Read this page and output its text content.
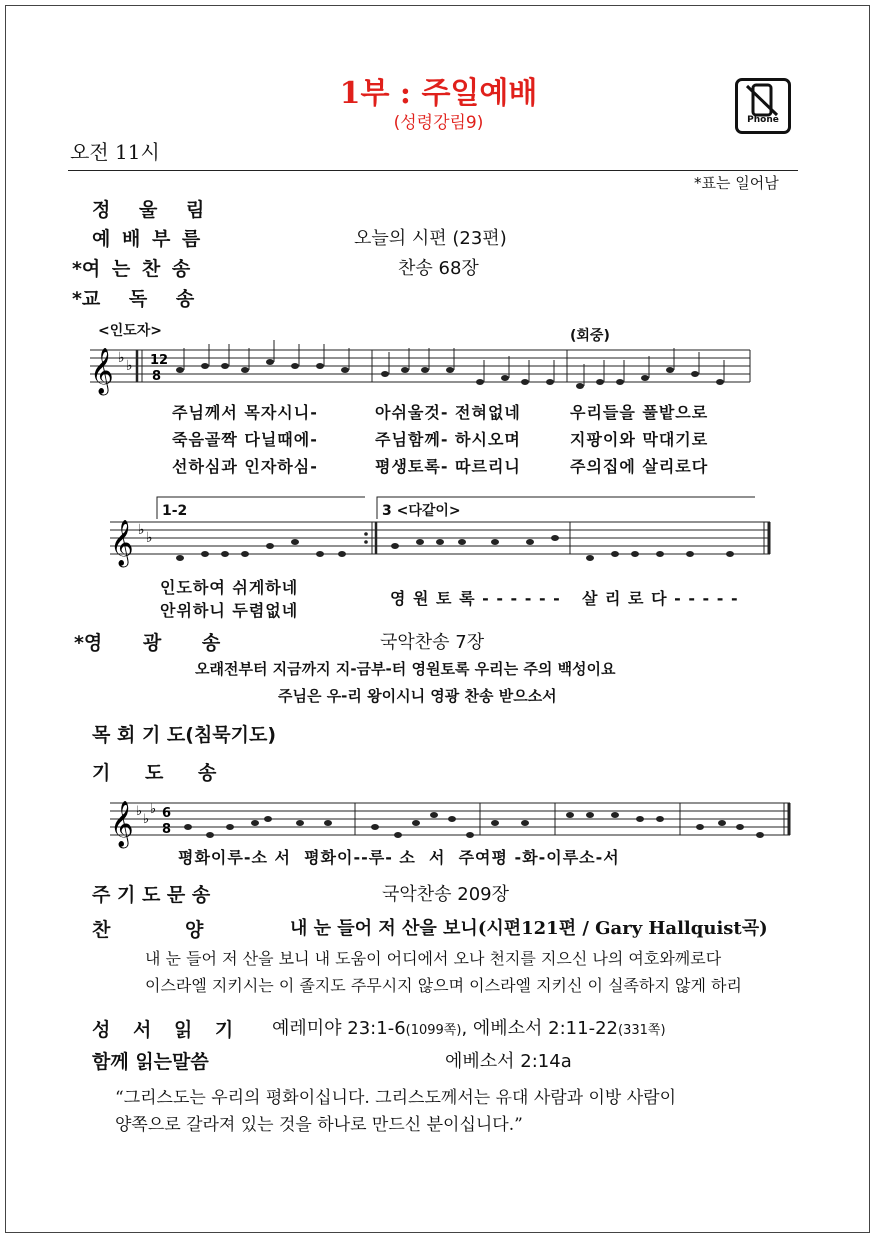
1부 : 주일예배
(성령강림9)	Phone
오전 11시
*표는 일어남
정 울 림
예 배 부 름	오늘의 시편 (23편)
*여 는 찬 송	찬송 68장
*교 독 송
<인도자>	(회중)
𝄞 ♭ ♭ 12
8
주님께서 목자시니-	아쉬울것- 전혀없네	우리들을 풀밭으로
죽음골짝 다닐때에-	주님함께- 하시오며	지팡이와 막대기로
선하심과 인자하심-	평생토록- 따르리니	주의집에 살리로다
1-2	3 <다같이>
𝄞 ♭ ♭
인도하여 쉬게하네
안위하니 두렴없네
영 원 토 록 - - - - - - 살 리 로 다 - - - - -
*영 광 송	국악찬송 7장
오래전부터 지금까지 지-금부-터 영원토록 우리는 주의 백성이요
주님은 우-리 왕이시니 영광 찬송 받으소서
목 회 기 도(침묵기도)
기 도 송
𝄞 ♭
♭
♭ 6
8
평화이루-소 서  평화이--루- 소  서  주여평 -화-이루소-서
주 기 도 문 송	국악찬송 209장
찬 양	내 눈 들어 저 산을 보니(시편121편 / Gary Hallquist곡)
내 눈 들어 저 산을 보니 내 도움이 어디에서 오나 천지를 지으신 나의 여호와께로다
이스라엘 지키시는 이 졸지도 주무시지 않으며 이스라엘 지키신 이 실족하지 않게 하리
성 서 읽 기 예레미야 23:1-6(1099쪽), 에베소서 2:11-22(331쪽)
함께 읽는말씀	에베소서 2:14a
“그리스도는 우리의 평화이십니다. 그리스도께서는 유대 사람과 이방 사람이
양쪽으로 갈라져 있는 것을 하나로 만드신 분이십니다.”
